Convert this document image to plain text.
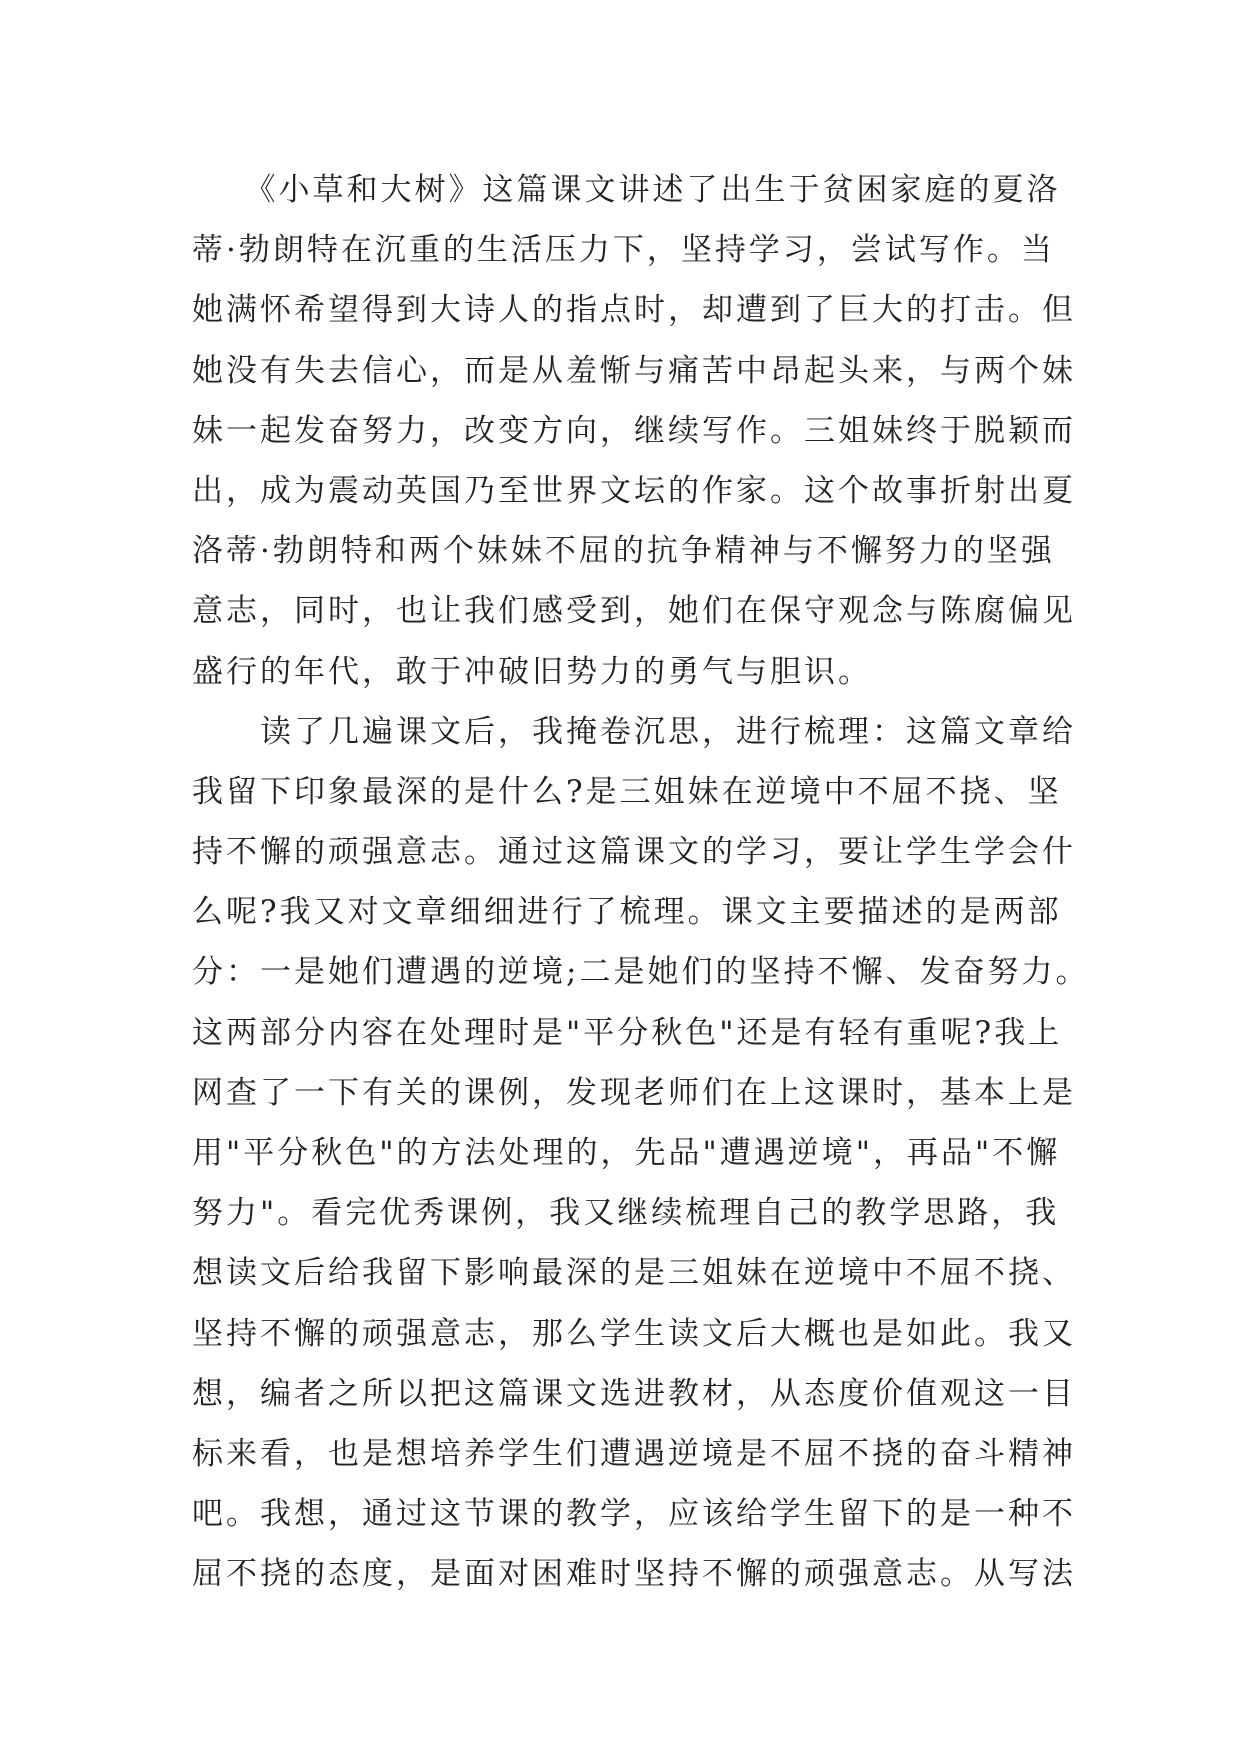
　　《小草和大树》这篇课文讲述了出生于贫困家庭的夏洛
蒂·勃朗特在沉重的生活压力下，坚持学习，尝试写作。当
她满怀希望得到大诗人的指点时，却遭到了巨大的打击。但
她没有失去信心，而是从羞惭与痛苦中昂起头来，与两个妹
妹一起发奋努力，改变方向，继续写作。三姐妹终于脱颖而
出，成为震动英国乃至世界文坛的作家。这个故事折射出夏
洛蒂·勃朗特和两个妹妹不屈的抗争精神与不懈努力的坚强
意志，同时，也让我们感受到，她们在保守观念与陈腐偏见
盛行的年代，敢于冲破旧势力的勇气与胆识。
　　读了几遍课文后，我掩卷沉思，进行梳理：这篇文章给
我留下印象最深的是什么?是三姐妹在逆境中不屈不挠、坚
持不懈的顽强意志。通过这篇课文的学习，要让学生学会什
么呢?我又对文章细细进行了梳理。课文主要描述的是两部
分：一是她们遭遇的逆境;二是她们的坚持不懈、发奋努力。
这两部分内容在处理时是"平分秋色"还是有轻有重呢?我上
网查了一下有关的课例，发现老师们在上这课时，基本上是
用"平分秋色"的方法处理的，先品"遭遇逆境"，再品"不懈
努力"。看完优秀课例，我又继续梳理自己的教学思路，我
想读文后给我留下影响最深的是三姐妹在逆境中不屈不挠、
坚持不懈的顽强意志，那么学生读文后大概也是如此。我又
想，编者之所以把这篇课文选进教材，从态度价值观这一目
标来看，也是想培养学生们遭遇逆境是不屈不挠的奋斗精神
吧。我想，通过这节课的教学，应该给学生留下的是一种不
屈不挠的态度，是面对困难时坚持不懈的顽强意志。从写法
